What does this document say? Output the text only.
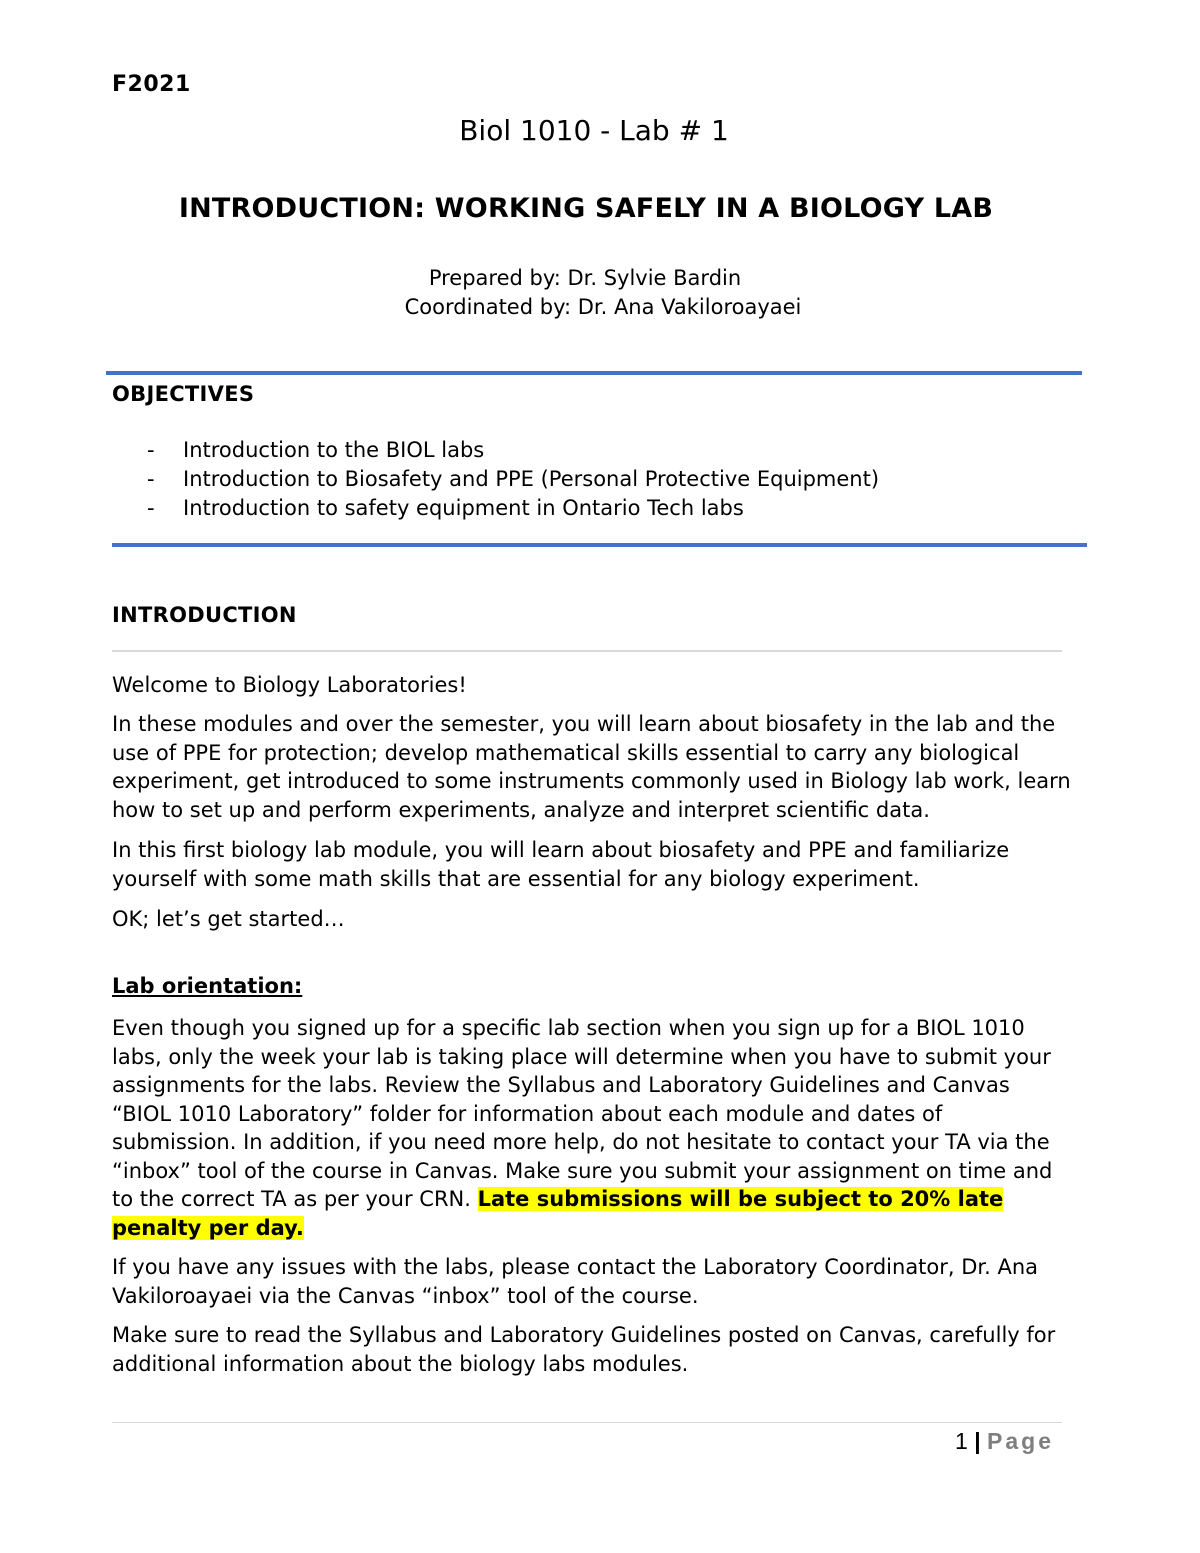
F2021
Biol 1010 - Lab # 1
INTRODUCTION: WORKING SAFELY IN A BIOLOGY LAB
Prepared by: Dr. Sylvie Bardin
Coordinated by: Dr. Ana Vakiloroayaei
OBJECTIVES
- Introduction to the BIOL labs
- Introduction to Biosafety and PPE (Personal Protective Equipment)
- Introduction to safety equipment in Ontario Tech labs
INTRODUCTION

Welcome to Biology Laboratories!

In these modules and over the semester, you will learn about biosafety in the lab and the use of PPE for protection; develop mathematical skills essential to carry any biological experiment, get introduced to some instruments commonly used in Biology lab work, learn how to set up and perform experiments, analyze and interpret scientific data.

In this first biology lab module, you will learn about biosafety and PPE and familiarize yourself with some math skills that are essential for any biology experiment.

OK; let’s get started…

Lab orientation:

Even though you signed up for a specific lab section when you sign up for a BIOL 1010 labs, only the week your lab is taking place will determine when you have to submit your assignments for the labs. Review the Syllabus and Laboratory Guidelines and Canvas “BIOL 1010 Laboratory” folder for information about each module and dates of submission. In addition, if you need more help, do not hesitate to contact your TA via the “inbox” tool of the course in Canvas. Make sure you submit your assignment on time and to the correct TA as per your CRN. Late submissions will be subject to 20% late penalty per day.

If you have any issues with the labs, please contact the Laboratory Coordinator, Dr. Ana Vakiloroayaei via the Canvas “inbox” tool of the course.

Make sure to read the Syllabus and Laboratory Guidelines posted on Canvas, carefully for additional information about the biology labs modules.

1 | Page
